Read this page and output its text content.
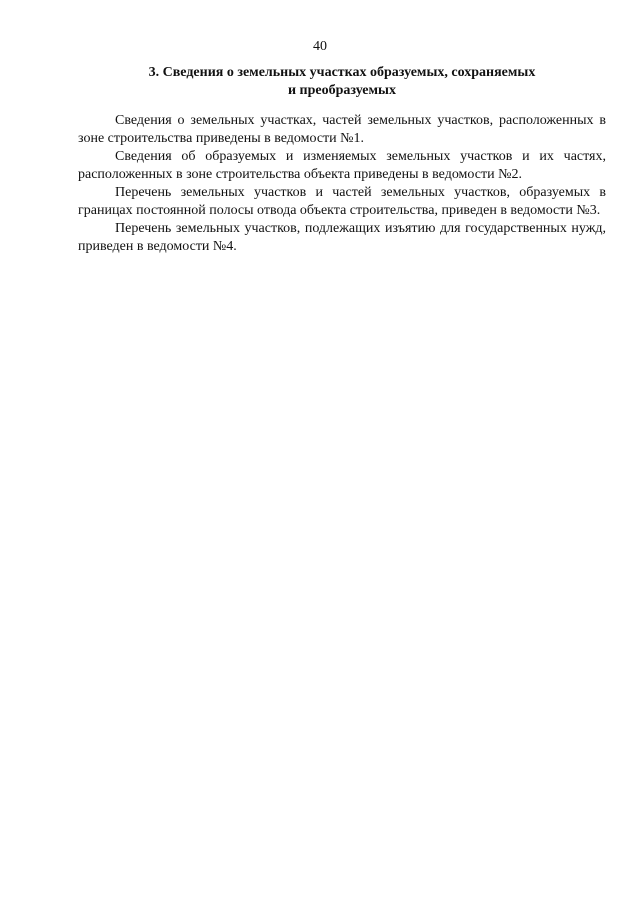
40
3. Сведения о земельных участках образуемых, сохраняемых
и преобразуемых

Сведения о земельных участках, частей земельных участков, расположенных в зоне строительства приведены в ведомости №1.

Сведения об образуемых и изменяемых земельных участков и их частях, расположенных в зоне строительства объекта приведены в ведомости №2.

Перечень земельных участков и частей земельных участков, образуемых в границах постоянной полосы отвода объекта строительства, приведен в ведомости №3.

Перечень земельных участков, подлежащих изъятию для государственных нужд, приведен в ведомости №4.
